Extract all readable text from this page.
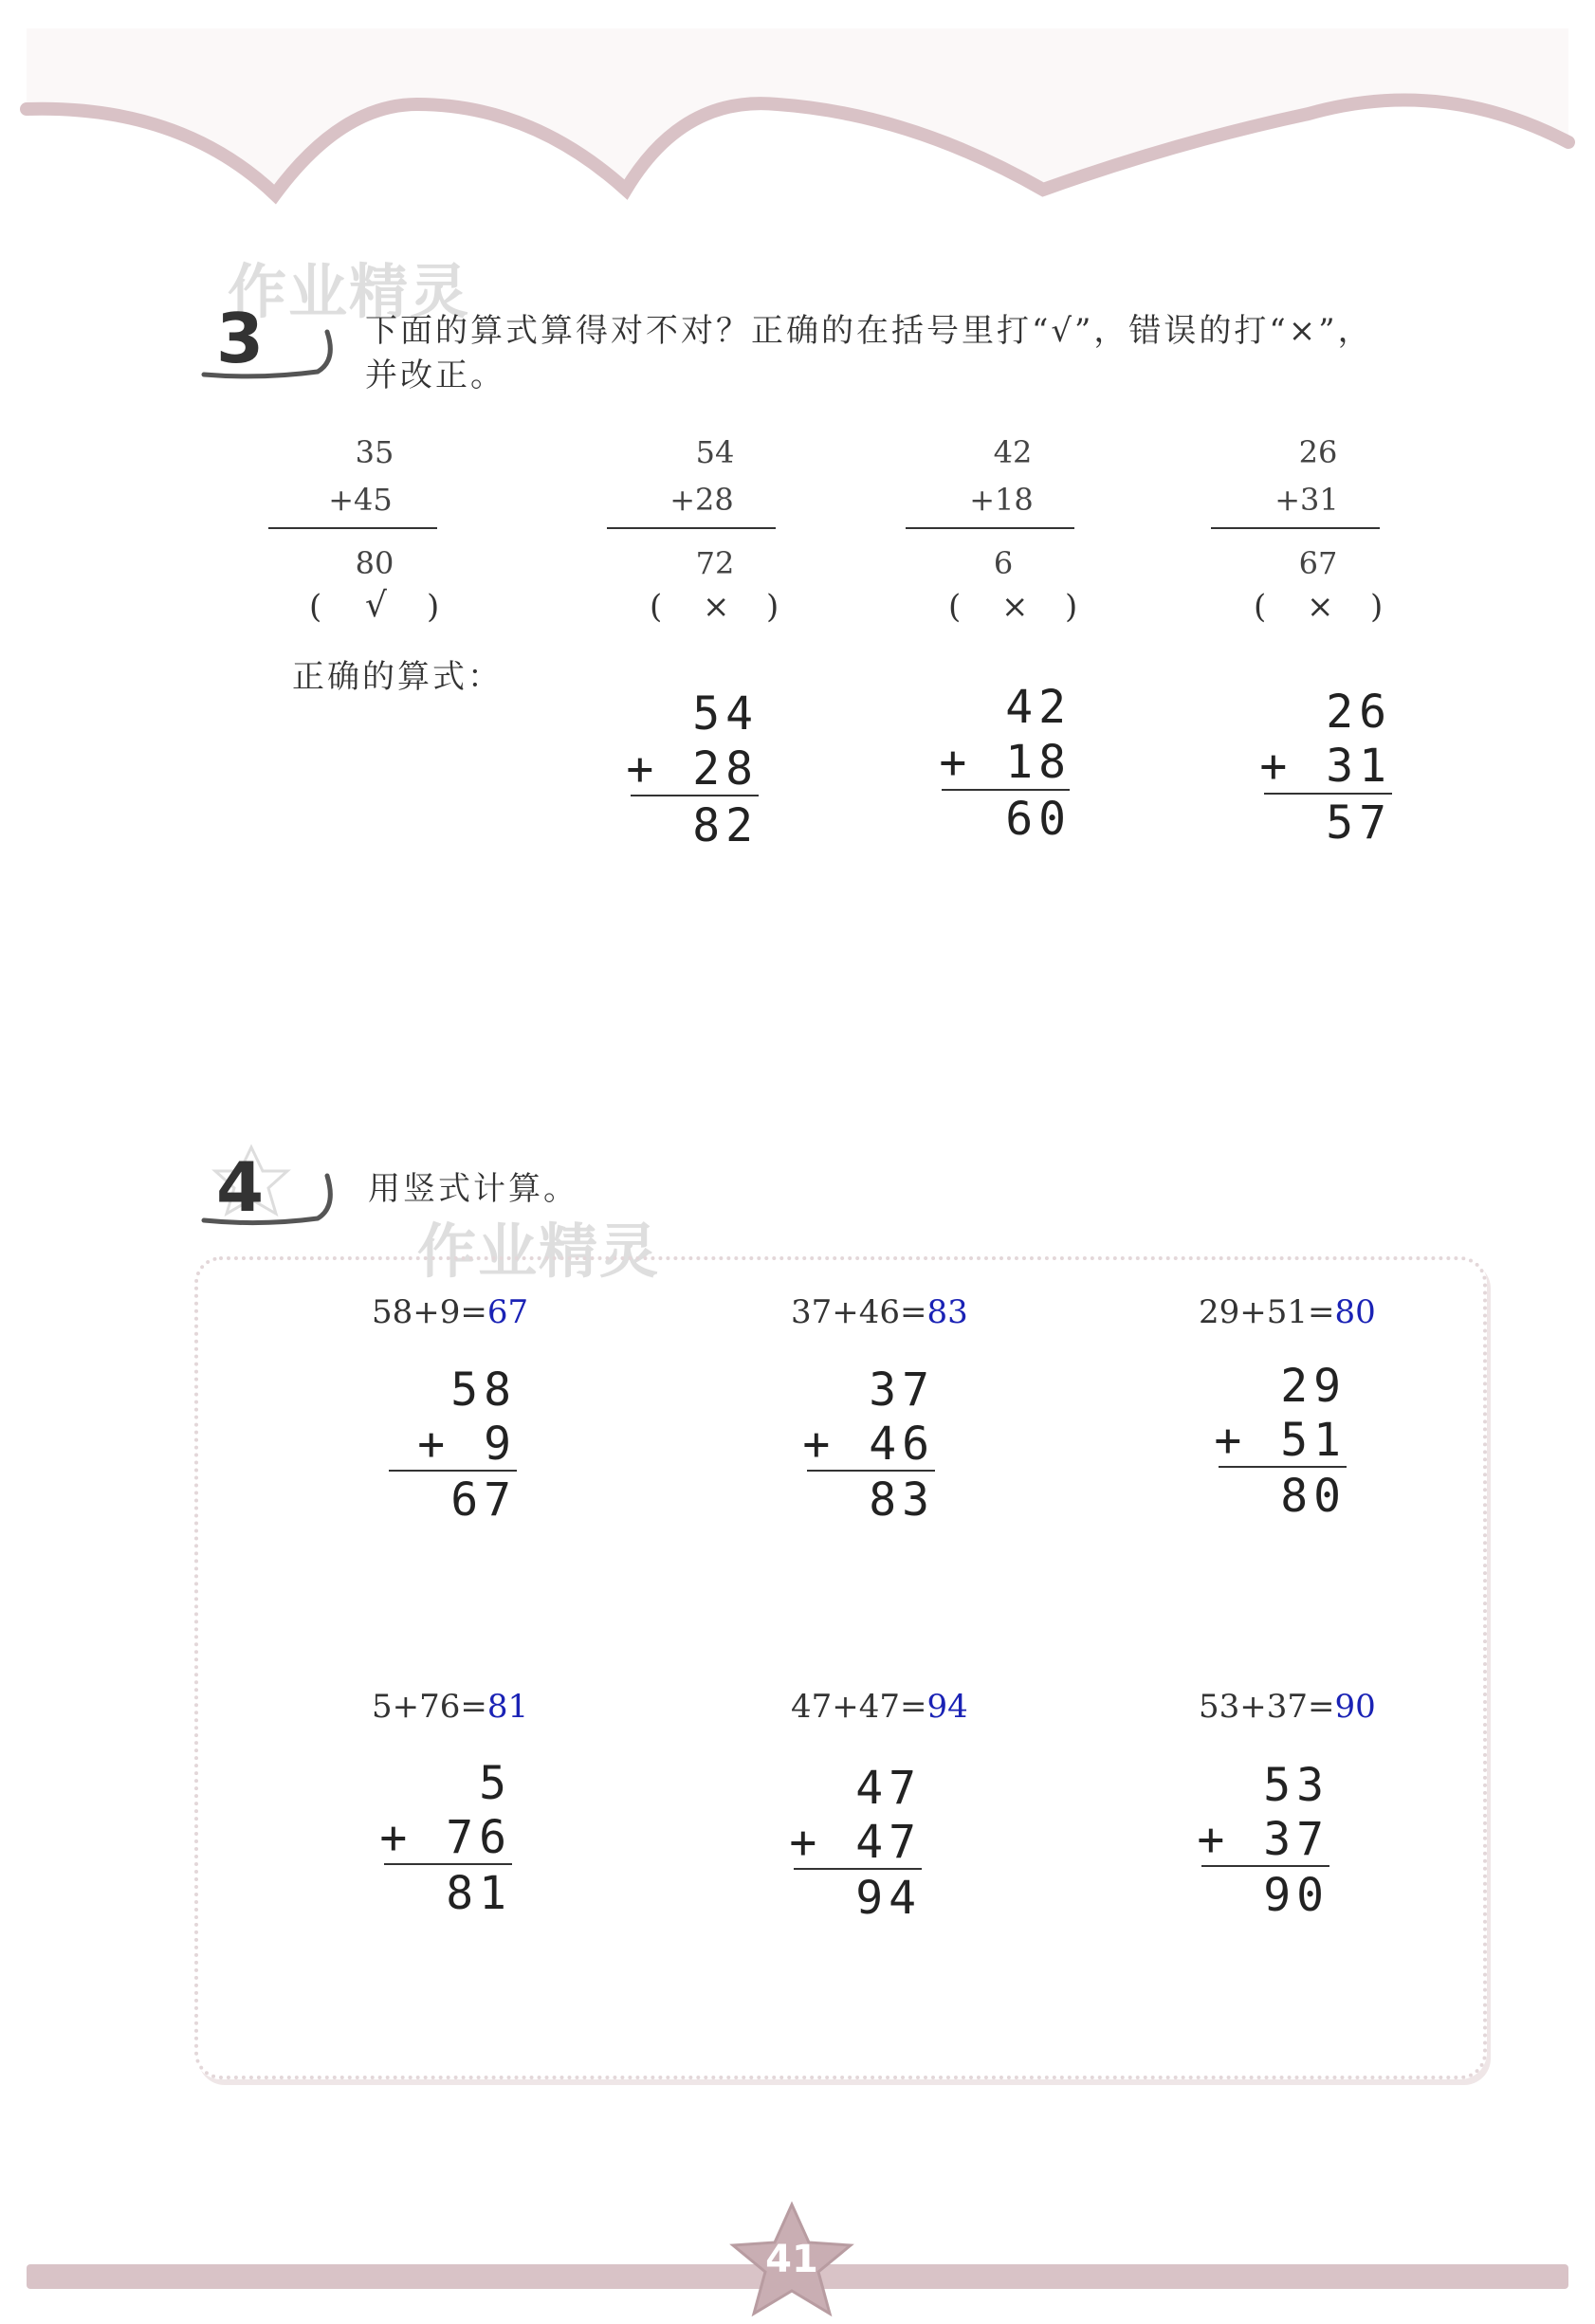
作业精灵
作业精灵
3	下面的算式算得对不对？正确的在括号里打“√”，错误的打“×”，
并改正。
35
+45
80
( √ )
54
+28
72
( × )
42
+18
6
( × )
26
+31
67
( × )
正确的算式：
54
+ 28
82
42
+ 18
60
26
+ 31
57
4	用竖式计算。
58+9=67
58
+ 9
67
37+46=83
37
+ 46
83
29+51=80
29
+ 51
80
5+76=81
5
+ 76
81
47+47=94
47
+ 47
94
53+37=90
53
+ 37
90
41
